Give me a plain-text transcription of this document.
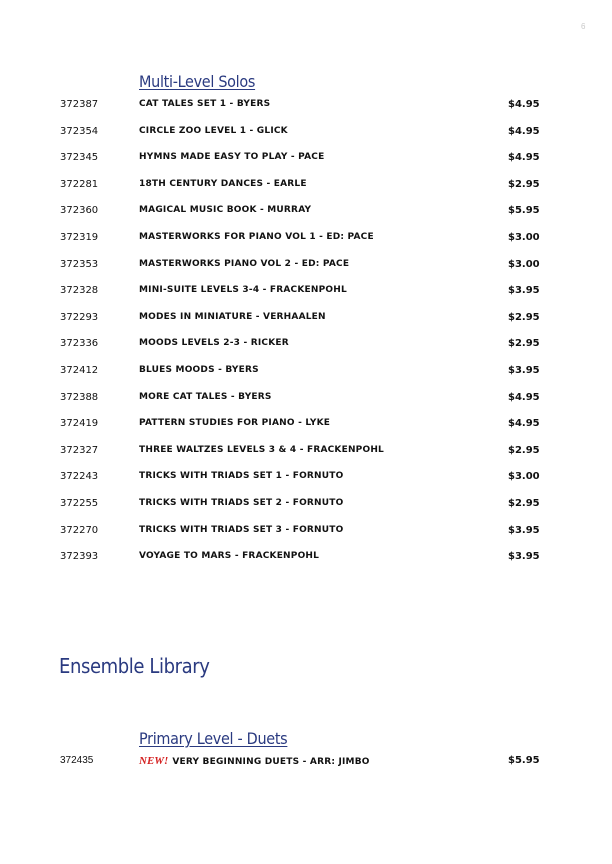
6
Multi-Level Solos
372387	CAT TALES SET 1 - BYERS	$4.95
372354	CIRCLE ZOO LEVEL 1 - GLICK	$4.95
372345	HYMNS MADE EASY TO PLAY - PACE	$4.95
372281	18TH CENTURY DANCES - EARLE	$2.95
372360	MAGICAL MUSIC BOOK - MURRAY	$5.95
372319	MASTERWORKS FOR PIANO VOL 1 - ED: PACE	$3.00
372353	MASTERWORKS PIANO VOL 2 - ED: PACE	$3.00
372328	MINI-SUITE LEVELS 3-4 - FRACKENPOHL	$3.95
372293	MODES IN MINIATURE - VERHAALEN	$2.95
372336	MOODS LEVELS 2-3 - RICKER	$2.95
372412	BLUES MOODS - BYERS	$3.95
372388	MORE CAT TALES - BYERS	$4.95
372419	PATTERN STUDIES FOR PIANO - LYKE	$4.95
372327	THREE WALTZES LEVELS 3 & 4 - FRACKENPOHL	$2.95
372243	TRICKS WITH TRIADS SET 1 - FORNUTO	$3.00
372255	TRICKS WITH TRIADS SET 2 - FORNUTO	$2.95
372270	TRICKS WITH TRIADS SET 3 - FORNUTO	$3.95
372393	VOYAGE TO MARS - FRACKENPOHL	$3.95
Ensemble Library
Primary Level - Duets
372435	NEW! VERY BEGINNING DUETS - ARR: JIMBO	$5.95
